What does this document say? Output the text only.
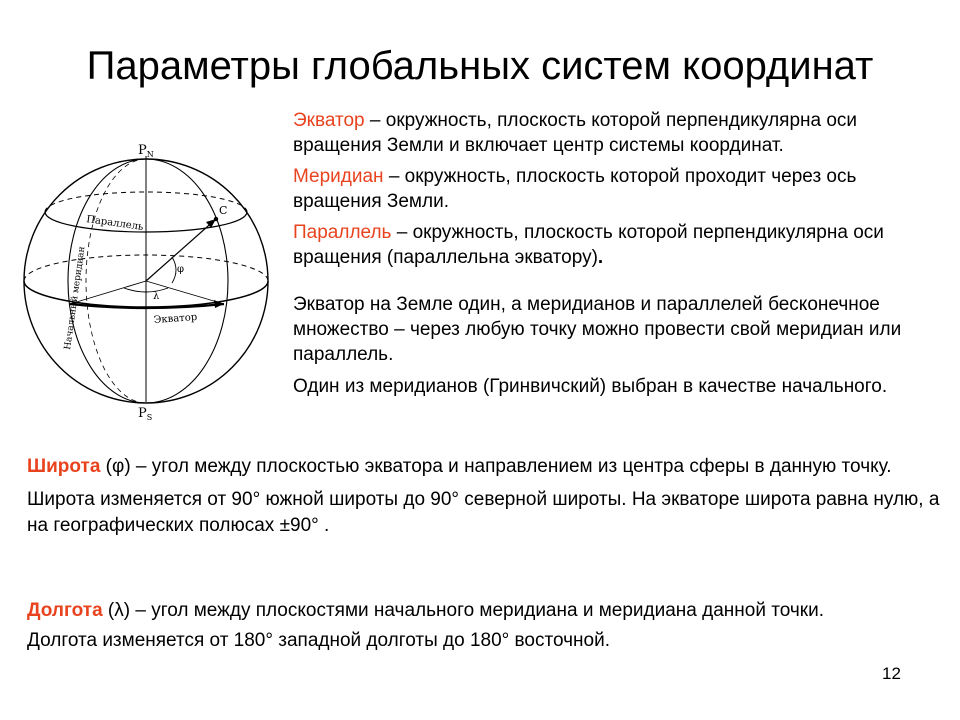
Параметры глобальных систем координат
$P_N$
$P_S$
C
φ
λ
Параллель
Экватор
Начальный меридиан

Экватор – окружность, плоскость которой перпендикулярна оси вращения Земли и включает центр системы координат.

Меридиан – окружность, плоскость которой проходит через ось вращения Земли.

Параллель – окружность, плоскость которой перпендикулярна оси вращения (параллельна экватору).

Экватор на Земле один, а меридианов и параллелей бесконечное множество – через любую точку можно провести свой меридиан или параллель.

Один из меридианов (Гринвичский) выбран в качестве начального.

Широта (φ) – угол между плоскостью экватора и направлением из центра сферы в данную точку.

Широта изменяется от 90° южной широты до 90° северной широты. На экваторе широта равна нулю, а на географических полюсах ±90° .

Долгота (λ) – угол между плоскостями начального меридиана и меридиана данной точки.

Долгота изменяется от 180° западной долготы до 180° восточной.

12
